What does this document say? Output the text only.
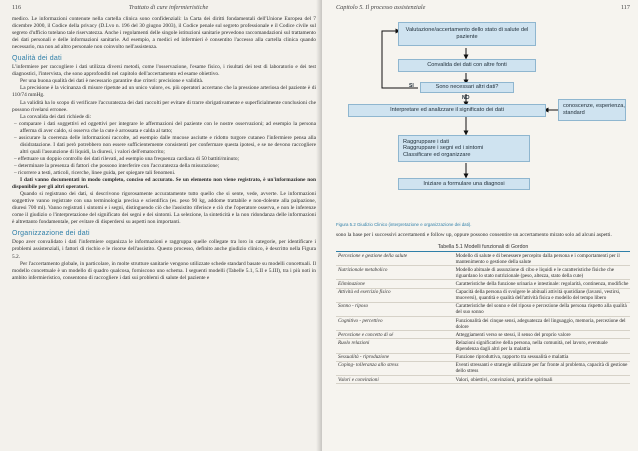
116	Trattato di cure infermieristiche

medico. Le informazioni contenute nella cartella clinica sono confidenziali: la Carta dei diritti fondamentali dell'Unione Europea del 7 dicembre 2000, il Codice della privacy (D.Lvo n. 196 del 30 giugno 2003), il Codice penale sul segreto professionale e il Codice civile sul segreto d'ufficio tutelano tale riservatezza. Anche i regolamenti delle singole istituzioni sanitarie prevedono raccomandazioni sul trattamento dei dati personali e delle informazioni sanitarie. Ad esempio, a medici ed infermieri è consentito l'accesso alla cartella clinica quando necessario, ma non ad altro personale non coinvolto nell'assistenza.

Qualità dei dati

L'infermiere per raccogliere i dati utilizza diversi metodi, come l'osservazione, l'esame fisico, i risultati dei test di laboratorio e dei test diagnostici, l'intervista, che sono approfonditi nel capitolo dell'accertamento ed esame obiettivo.

Per una buona qualità dei dati è necessario garantire due criteri: precisione e validità.

La precisione è la vicinanza di misure ripetute ad un unico valore, es. più operatori accertano che la pressione arteriosa del paziente è di 110/74 mmHg.

La validità ha lo scopo di verificare l'accuratezza dei dati raccolti per evitare di trarre sbrigativamente e superficialmente conclusioni che possono rivelarsi erronee.

La convalida dei dati richiede di:

– comparare i dati soggettivi ed oggettivi per integrare le affermazioni del paziente con le nostre osservazioni; ad esempio la persona afferma di aver caldo, si osserva che la cute è arrossata e calda al tatto;

– assicurare la coerenza delle informazioni raccolte, ad esempio dalle mucose asciutte e ridotto turgore cutaneo l'infermiere pensa alla disidratazione. I dati però potrebbero non essere sufficientemente consistenti per confermare questa ipotesi, e se ne devono raccogliere altri quali l'assunzione di liquidi, la diuresi, i valori dell'ematocrito;

– effettuare un doppio controllo dei dati rilevati, ad esempio una frequenza cardiaca di 50 battiti/minuto;

– determinare la presenza di fattori che possono interferire con l'accuratezza della misurazione;

– ricorrere a testi, articoli, ricerche, linee guida, per spiegare tali fenomeni.

I dati vanno documentati in modo completo, conciso ed accurato. Se un elemento non viene registrato, è un'informazione non disponibile per gli altri operatori.

Quando si registrano dei dati, si descrivono rigorosamente accuratamente tutto quello che si sente, vede, avverte. Le informazioni soggettive vanno registrate con una terminologia precisa e scientifica (es. peso 90 kg, addome trattabile e non-dolente alla palpazione, diuresi 700 ml). Vanno registrati i sintomi e i segni, distinguendo ciò che l'assistito riferisce e ciò che l'operatore osserva, e non le inferenze come il giudizio o l'interpretazione del significato dei segni e dei sintomi. La selezione, la sinteticità e la non ridondanza delle informazioni è altrettanto fondamentale, per evitare di disperdersi su aspetti non importanti.

Organizzazione dei dati

Dopo aver convalidato i dati l'infermiere organizza le informazioni e raggruppa quelle collegate tra loro in categorie, per identificare i problemi assistenziali, i fattori di rischio e le risorse dell'assistito. Questo processo, definito anche giudizio clinico, è descritto nella Figura 5.2.

Per l'accertamento globale, in particolare, in molte strutture sanitarie vengono utilizzate schede standard basate su modelli concettuali. Il modello concettuale è un modello di quadro qualcosa, forniscono uno schema. I seguenti modelli (Tabelle 5.1, 5.II e 5.III), tra i più noti in ambito infermieristico, consentono di raccogliere i dati sui problemi di salute del paziente e

Capitolo 5. Il processo assistenziale	117
Valutazione/accertamento dello stato di salute del paziente
Convalida dei dati con altre fonti
SI	Sono necessari altri dati?
NO
Interpretare ed analizzare il significato dei dati
conoscenze, esperienza, standard
Raggruppare i dati
Raggruppare i segni ed i sintomi
Classificare ed organizzare
Iniziare a formulare una diagnosi
Figura 5.2 Giudizio Clinico (interpretazione e organizzazione dei dati).

sono la base per i successivi accertamenti e follow up, oppure possono consentire un accertamento mirato solo ad alcuni aspetti.

Tabella 5.1 Modelli funzionali di Gordon
Percezione e gestione della salute	Modello di salute e di benessere percepito dalla persona e i comportamenti per il mantenimento o gestione della salute
Nutrizionale metabolico	Modello abituale di assunzione di cibo e liquidi e le caratteristiche fisiche che riguardano lo stato nutrizionale (peso, altezza, stato della cute)
Eliminazione	Caratteristiche della funzione urinaria e intestinale: regolarità, continenza, modifiche
Attività ed esercizio fisico	Capacità della persona di svolgere le abituali attività quotidiane (lavarsi, vestirsi, muoversi), quantità e qualità dell'attività fisica e modello del tempo libero
Sonno - riposo	Caratteristiche del sonno e del riposo e percezione della persona rispetto alla qualità del suo sonno
Cognitivo - percettivo	Funzionalità dei cinque sensi, adeguatezza del linguaggio, memoria, percezione del dolore
Percezione e concetto di sé	Atteggiamenti verso se stessi, il senso del proprio valore
Ruolo relazioni	Relazioni significative della persona, nella comunità, nel lavoro, eventuale dipendenza dagli altri per la malattia
Sessualità - riproduzione	Funzione riproduttiva, rapporto tra sessualità e malattia
Coping- tolleranza allo stress	Eventi stressanti e strategie utilizzate per far fronte al problema, capacità di gestione dello stress
Valori e convinzioni	Valori, obiettivi, convinzioni, pratiche spirituali
